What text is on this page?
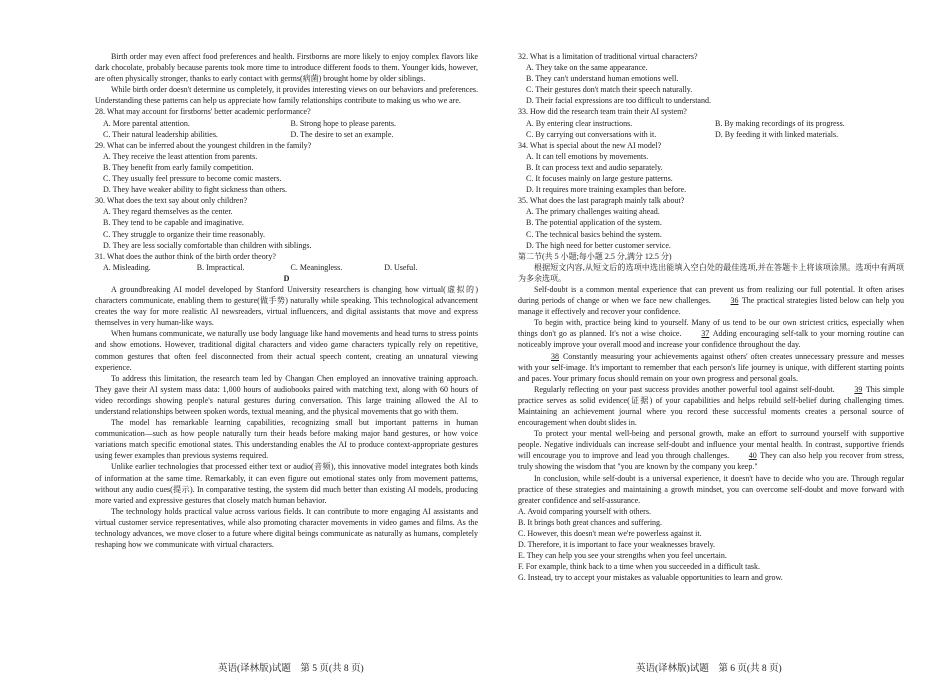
Birth order may even affect food preferences and health. Firstborns are more likely to enjoy complex flavors like dark chocolate, probably because parents took more time to introduce different foods to them. Younger kids, however, are often physically stronger, thanks to early contact with germs(病菌) brought home by older siblings.

While birth order doesn't determine us completely, it provides interesting views on our behaviors and preferences. Understanding these patterns can help us appreciate how family relationships contribute to making us who we are.

28. What may account for firstborns' better academic performance?

A. More parental attention.	B. Strong hope to please parents.
C. Their natural leadership abilities.	D. The desire to set an example.

29. What can be inferred about the youngest children in the family?

A. They receive the least attention from parents.

B. They benefit from early family competition.

C. They usually feel pressure to become comic masters.

D. They have weaker ability to fight sickness than others.

30. What does the text say about only children?

A. They regard themselves as the center.

B. They tend to be capable and imaginative.

C. They struggle to organize their time reasonably.

D. They are less socially comfortable than children with siblings.

31. What does the author think of the birth order theory?

A. Misleading.	B. Impractical.	C. Meaningless.	D. Useful.

D

A groundbreaking AI model developed by Stanford University researchers is changing how virtual(虚拟的) characters communicate, enabling them to gesture(做手势) naturally while speaking. This technological advancement creates the way for more realistic AI newsreaders, virtual influencers, and digital assistants that move and express themselves in very human-like ways.

When humans communicate, we naturally use body language like hand movements and head turns to stress points and show emotions. However, traditional digital characters and video game characters typically rely on repetitive, common gestures that often feel disconnected from their actual speech content, creating an unnatural viewing experience.

To address this limitation, the research team led by Changan Chen employed an innovative training approach. They gave their AI system mass data: 1,000 hours of audiobooks paired with matching text, along with 60 hours of video recordings showing people's natural gestures during conversation. This large training allowed the AI to understand relationships between spoken words, textual meaning, and the physical movements that go with them.

The model has remarkable learning capabilities, recognizing small but important patterns in human communication—such as how people naturally turn their heads before making major hand gestures, or how voice variations match specific emotional states. This understanding enables the AI to produce context-appropriate gestures using fewer examples than previous systems required.

Unlike earlier technologies that processed either text or audio(音频), this innovative model integrates both kinds of information at the same time. Remarkably, it can even figure out emotional states only from movement patterns, without any audio cues(提示). In comparative testing, the system did much better than existing AI models, producing more varied and expressive gestures that closely match human behavior.

The technology holds practical value across various fields. It can contribute to more engaging AI assistants and virtual customer service representatives, while also promoting character movements in video games and films. As the technology advances, we move closer to a future where digital beings communicate as naturally as humans, completely reshaping how we communicate with virtual characters.

32. What is a limitation of traditional virtual characters?

A. They take on the same appearance.

B. They can't understand human emotions well.

C. Their gestures don't match their speech naturally.

D. Their facial expressions are too difficult to understand.

33. How did the research team train their AI system?

A. By entering clear instructions.	B. By making recordings of its progress.
C. By carrying out conversations with it.	D. By feeding it with linked materials.

34. What is special about the new AI model?

A. It can tell emotions by movements.

B. It can process text and audio separately.

C. It focuses mainly on large gesture patterns.

D. It requires more training examples than before.

35. What does the last paragraph mainly talk about?

A. The primary challenges waiting ahead.

B. The potential application of the system.

C. The technical basics behind the system.

D. The high need for better customer service.

第二节(共 5 小题;每小题 2.5 分,满分 12.5 分)

根据短文内容,从短文后的选项中选出能填入空白处的最佳选项,并在答题卡上将该项涂黑。选项中有两项为多余选项。

Self-doubt is a common mental experience that can prevent us from realizing our full potential. It often arises during periods of change or when we face new challenges. 36 The practical strategies listed below can help you manage it effectively and recover your confidence.

To begin with, practice being kind to yourself. Many of us tend to be our own strictest critics, especially when things don't go as planned. It's not a wise choice. 37 Adding encouraging self-talk to your morning routine can noticeably improve your overall mood and increase your confidence throughout the day.

38 Constantly measuring your achievements against others' often creates unnecessary pressure and messes with your self-image. It's important to remember that each person's life journey is unique, with different starting points and paces. Your primary focus should remain on your own progress and personal goals.

Regularly reflecting on your past success provides another powerful tool against self-doubt. 39 This simple practice serves as solid evidence(证据) of your capabilities and helps rebuild self-belief during challenging times. Maintaining an achievement journal where you record these successful moments creates a personal source of encouragement when doubt slides in.

To protect your mental well-being and personal growth, make an effort to surround yourself with supportive people. Negative individuals can increase self-doubt and influence your mental health. In contrast, supportive friends will encourage you to improve and lead you through challenges. 40 They can also help you recover from stress, truly showing the wisdom that "you are known by the company you keep."

In conclusion, while self-doubt is a universal experience, it doesn't have to decide who you are. Through regular practice of these strategies and maintaining a growth mindset, you can overcome self-doubt and move forward with greater confidence and self-assurance.

A. Avoid comparing yourself with others.

B. It brings both great chances and suffering.

C. However, this doesn't mean we're powerless against it.

D. Therefore, it is important to face your weaknesses bravely.

E. They can help you see your strengths when you feel uncertain.

F. For example, think back to a time when you succeeded in a difficult task.

G. Instead, try to accept your mistakes as valuable opportunities to learn and grow.

英语(译林版)试题　第 5 页(共 8 页)	英语(译林版)试题　第 6 页(共 8 页)
